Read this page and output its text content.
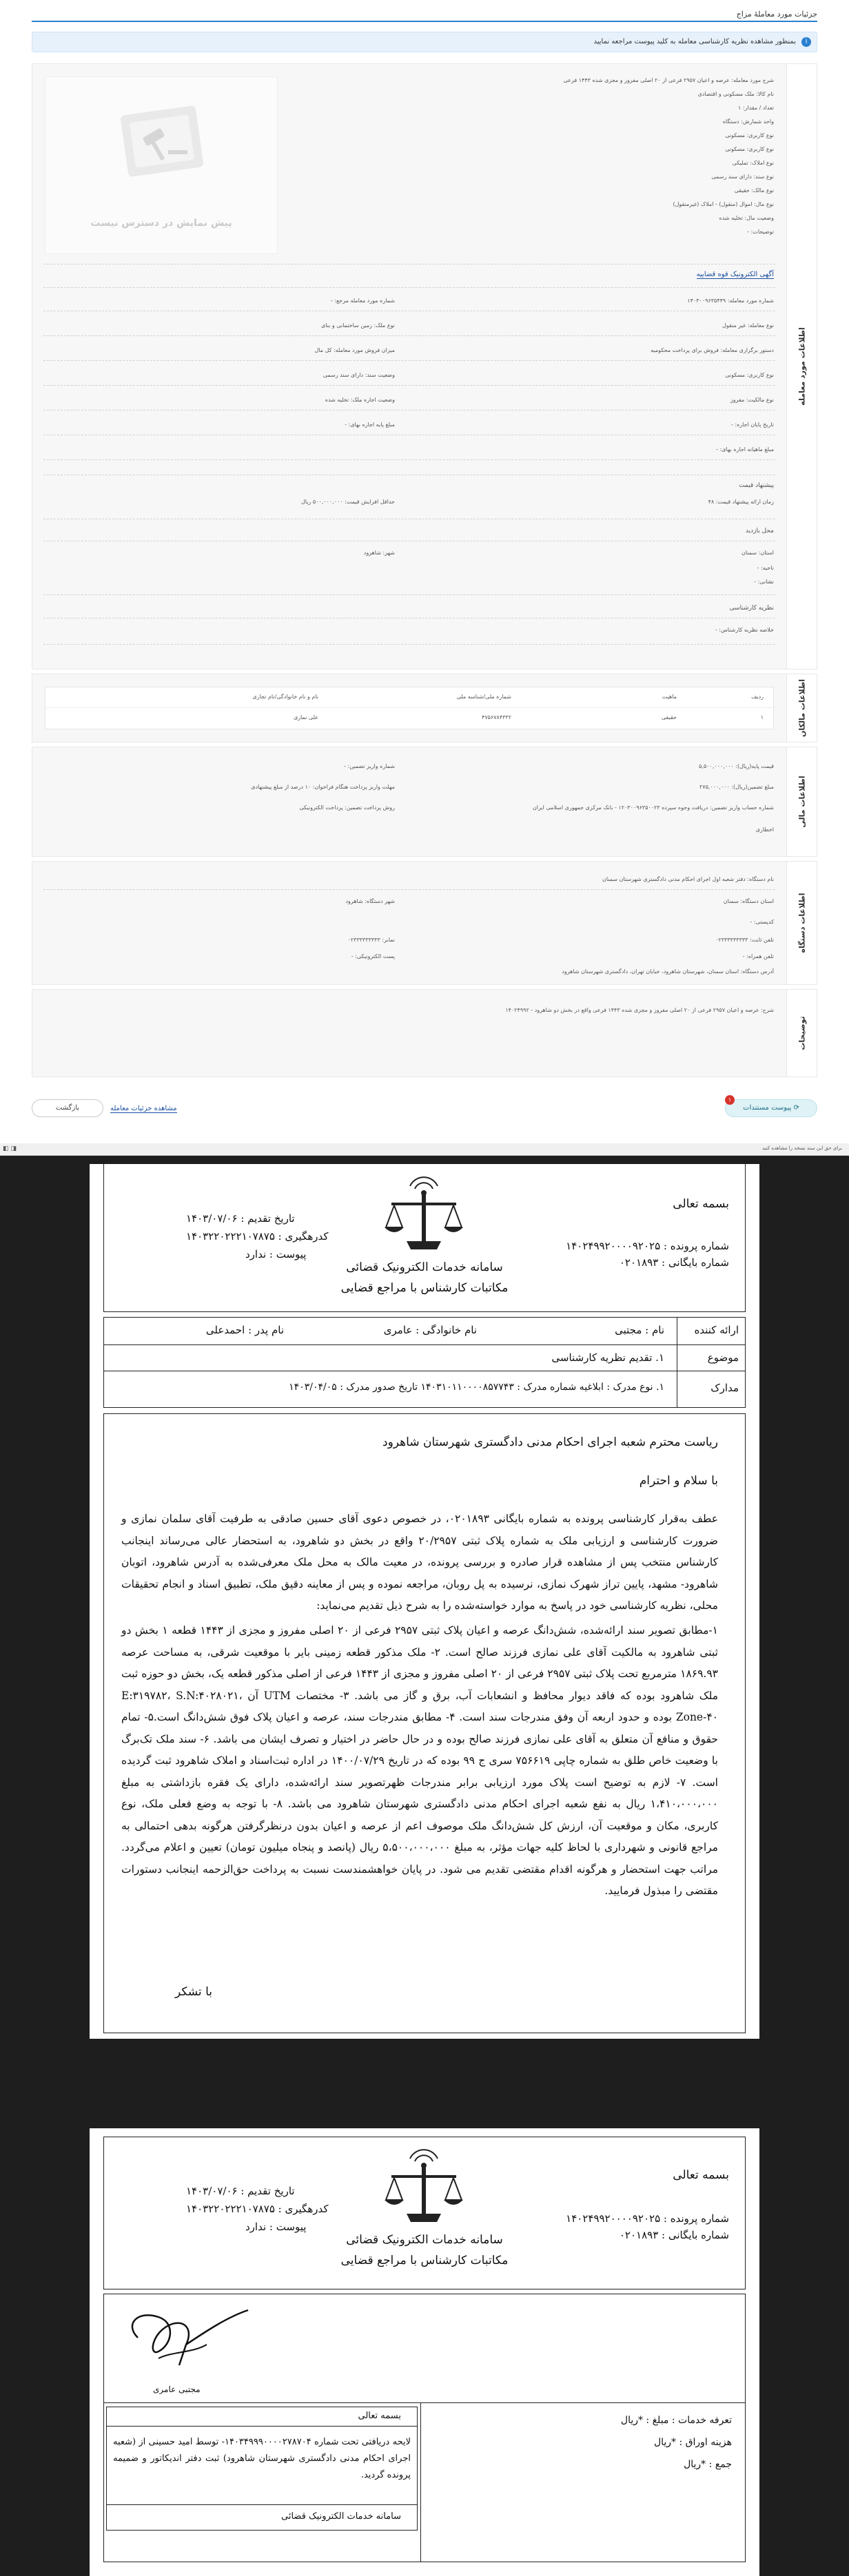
جزئیات مورد معاملهٔ مزاج
i
بمنظور مشاهده نظریه کارشناسی معامله به کلید پیوست مراجعه نمایید
اطلاعات مورد معامله
پیش نمایش در دسترس نیست
شرح مورد معامله: عرصه و اعیان ۲۹۵۷ فرعی از ۲۰ اصلی مفروز و مجزی شده ۱۴۴۳ فرعی
نام کالا: ملک مسکونی و اقتصادی
تعداد / مقدار: ۱
واحد شمارش: دستگاه
نوع کاربری: مسکونی
نوع کاربری: مسکونی
نوع املاک: تملیکی
نوع سند: دارای سند رسمی
نوع مالک: حقیقی
نوع مال: اموال (منقول) - املاک (غیرمنقول)
وضعیت مال: تخلیه شده
توضیحات: -
آگهی الکترونیک قوه قضاییه
شماره مورد معامله: ۱۴۰۳۰۰۹۶۳۵۴۴۹
نوع معامله: غیر منقول
دستور برگزاری معامله: فروش برای پرداخت محکومیه
نوع کاربری: مسکونی
نوع مالکیت: مفروز
تاریخ پایان اجاره: -
مبلغ ماهیانه اجاره بهای: -
شماره مورد معامله مرجع: -
نوع ملک: زمین ساختمانی و بنای
میزان فروش مورد معامله: کل مال
وضعیت سند: دارای سند رسمی
وضعیت اجاره ملک: تخلیه شده
مبلغ پایه اجاره بهای: -
پیشنهاد قیمت
زمان ارائه پیشنهاد قیمت: ۴۸
حداقل افزایش قیمت: ۵۰۰,۰۰۰,۰۰۰ ریال
محل بازدید
استان: سمنان
شهر: شاهرود
ناحیه: -
نشانی: -
نظریه کارشناسی
خلاصه نظریه کارشناس: -
اطلاعات مالکان
ردیف
ماهیت
شماره ملی/شناسه ملی
نام و نام خانوادگی/نام تجاری
۱
حقیقی
۴۷۵۶۷۸۴۳۳۲
علی نمازی
اطلاعات مالی
قیمت پایه(ریال): ۵,۵۰۰,۰۰۰,۰۰۰
مبلغ تضمین(ریال): ۲۷۵,۰۰۰,۰۰۰
شماره حساب واریز تضمین: دریافت وجوه سپرده ۱۲۰۳۰۰۹۶۳۵۰۰۲۳ - بانک مرکزی جمهوری اسلامی ایران
شماره واریز تضمین: -
مهلت واریز پرداخت هنگام فراخوان: ۱۰ درصد از مبلغ پیشنهادی
روش پرداخت تضمین: پرداخت الکترونیکی
اخطاری
اطلاعات دستگاه
نام دستگاه: دفتر شعبه اول اجرای احکام مدنی دادگستری شهرستان سمنان
استان دستگاه: سمنان
شهر دستگاه: شاهرود
کدپستی: -
تلفن ثابت: ۰۲۳۳۳۳۳۳۳۳۳
نمابر: ۰۲۳۳۳۳۳۳۳۳۳
تلفن همراه: -
پست الکترونیکی: -
آدرس دستگاه: استان سمنان، شهرستان شاهرود، خیابان تهران، دادگستری شهرستان شاهرود
توضیحات
شرح: عرصه و اعیان ۲۹۵۷ فرعی از ۲۰ اصلی مفروز و مجزی شده ۱۴۴۳ فرعی واقع در بخش دو شاهرود - ۱۴۰۲۴۹۹۲
⟳ پیوست مستندات
۱
مشاهده جزئیات معامله
بازگشت
◧ ◨	برای حق این سند نسخه را مشاهده کنید
بسمه تعالی
شماره پرونده : ۱۴۰۲۴۹۹۲۰۰۰۰۹۲۰۲۵
شماره بایگانی : ۰۲۰۱۸۹۳
سامانه خدمات الکترونیک قضائی
مکاتبات کارشناس با مراجع قضایی
تاریخ تقدیم : ۱۴۰۳/۰۷/۰۶
کدرهگیری : ۱۴۰۳۲۲۰۲۲۲۱۰۷۸۷۵
پیوست : ندارد
ارائه کننده
نام : مجتبی
نام خانوادگی : عامری
نام پدر : احمدعلی
موضوع
۱. تقدیم نظریه کارشناسی
مدارک
۱. نوع مدرک : ابلاغیه شماره مدرک : ۱۴۰۳۱۰۱۱۰۰۰۰۸۵۷۷۴۳ تاریخ صدور مدرک : ۱۴۰۳/۰۴/۰۵
ریاست محترم شعبه اجرای احکام مدنی دادگستری شهرستان شاهرود
با سلام و احترام
عطف به‌قرار کارشناسی پرونده به شماره بایگانی ۰۲۰۱۸۹۳، در خصوص دعوی آقای حسین صادقی به طرفیت آقای سلمان نمازی و ضرورت کارشناسی و ارزیابی ملک به شماره پلاک ثبتی ۲۰/۲۹۵۷ واقع در بخش دو شاهرود، به استحضار عالی می‌رساند اینجانب کارشناس منتخب پس از مشاهده قرار صادره و بررسی پرونده، در معیت مالک به محل ملک معرفی‌شده به آدرس شاهرود، اتوبان شاهرود- مشهد، پایین تراز شهرک نمازی، نرسیده به پل روبان، مراجعه نموده و پس از معاینه دقیق ملک، تطبیق اسناد و انجام تحقیقات محلی، نظریه کارشناسی خود در پاسخ به موارد خواسته‌شده را به شرح ذیل تقدیم می‌نماید:
۱-مطابق تصویر سند ارائه‌شده، شش‌دانگ عرصه و اعیان پلاک ثبتی ۲۹۵۷ فرعی از ۲۰ اصلی مفروز و مجزی از ۱۴۴۳ قطعه ۱ بخش دو ثبتی شاهرود به مالکیت آقای علی نمازی فرزند صالح است. ۲- ملک مذکور قطعه زمینی بایر با موقعیت شرقی، به مساحت عرصه ۱۸۶۹.۹۳ مترمربع تحت پلاک ثبتی ۲۹۵۷ فرعی از ۲۰ اصلی مفروز و مجزی از ۱۴۴۳ فرعی از اصلی مذکور قطعه یک، بخش دو حوزه ثبت ملک شاهرود بوده که فاقد دیوار محافظ و انشعابات آب، برق و گاز می باشد. ۳- مختصات UTM آن E:۳۱۹۷۸۲، S.N:۴۰۲۸۰۲۱، Zone-۴۰ بوده و حدود اربعه آن وفق مندرجات سند است. ۴- مطابق مندرجات سند، عرصه و اعیان پلاک فوق شش‌دانگ است.۵- تمام حقوق و منافع آن متعلق به آقای علی نمازی فرزند صالح بوده و در حال حاضر در اختیار و تصرف ایشان می باشد. ۶- سند ملک تک‌برگ با وضعیت خاص طلق به شماره چاپی ۷۵۶۶۱۹ سری ج ۹۹ بوده که در تاریخ ۱۴۰۰/۰۷/۲۹ در اداره ثبت‌اسناد و املاک شاهرود ثبت گردیده است. ۷- لازم به توضیح است پلاک مورد ارزیابی برابر مندرجات ظهرتصویر سند ارائه‌شده، دارای یک فقره بازداشتی به مبلغ ۱،۴۱۰،۰۰۰،۰۰۰ ریال به نفع شعبه اجرای احکام مدنی دادگستری شهرستان شاهرود می باشد. ۸- با توجه به وضع فعلی ملک، نوع کاربری، مکان و موقعیت آن، ارزش کل شش‌دانگ ملک موصوف اعم از عرصه و اعیان بدون درنظرگرفتن هرگونه بدهی احتمالی به مراجع قانونی و شهرداری با لحاظ کلیه جهات مؤثر، به مبلغ ۵،۵۰۰،۰۰۰،۰۰۰ ریال (پانصد و پنجاه میلیون تومان) تعیین و اعلام می‌گردد. مراتب جهت استحضار و هرگونه اقدام مقتضی تقدیم می شود. در پایان خواهشمندست نسبت به پرداخت حق‌الزحمه اینجانب دستورات مقتضی را مبذول فرمایید.
با تشکر
بسمه تعالی
شماره پرونده : ۱۴۰۲۴۹۹۲۰۰۰۰۹۲۰۲۵
شماره بایگانی : ۰۲۰۱۸۹۳
سامانه خدمات الکترونیک قضائی
مکاتبات کارشناس با مراجع قضایی
تاریخ تقدیم : ۱۴۰۳/۰۷/۰۶
کدرهگیری : ۱۴۰۳۲۲۰۲۲۲۱۰۷۸۷۵
پیوست : ندارد
مجتبی عامری
تعرفه خدمات : مبلغ : *ریال
هزینه اوراق : *ریال
جمع : *ریال
بسمه تعالی
لایحه دریافتی تحت شماره ۱۴۰۳۴۹۹۹۰۰۰۰۲۷۸۷۰۴- توسط امید حسینی از (شعبه اجرای احکام مدنی دادگستری شهرستان شاهرود) ثبت دفتر اندیکاتور و ضمیمه پرونده گردید.
سامانه خدمات الکترونیک قضائی
